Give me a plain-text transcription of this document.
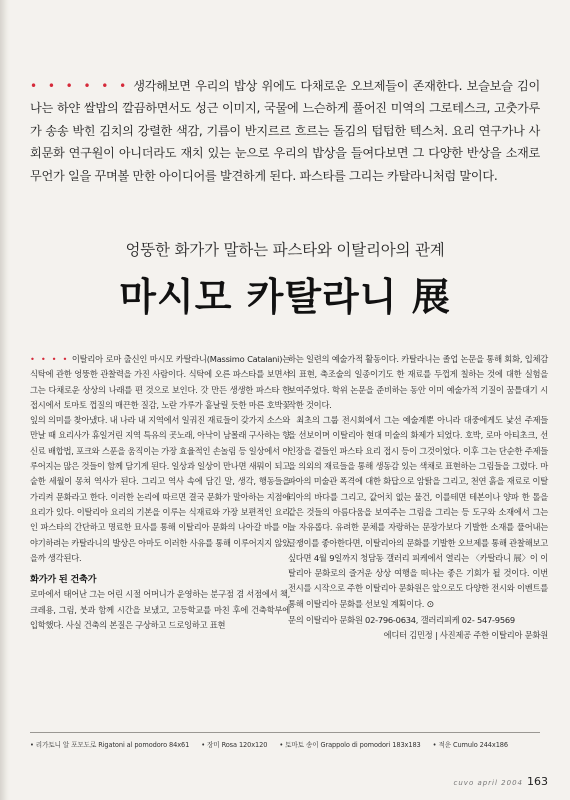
• • • • • • 생각해보면 우리의 밥상 위에도 다채로운 오브제들이 존재한다. 보슬보슬 김이 나는 하얀 쌀밥의 깔끔하면서도 성근 이미지, 국물에 느슨하게 풀어진 미역의 그로테스크, 고춧가루가 송송 박힌 김치의 강렬한 색감, 기름이 반지르르 흐르는 돌김의 텁텁한 텍스처. 요리 연구가나 사회문화 연구원이 아니더라도 재치 있는 눈으로 우리의 밥상을 들여다보면 그 다양한 반상을 소재로 무언가 일을 꾸며볼 만한 아이디어를 발견하게 된다. 파스타를 그리는 카탈라니처럼 말이다.
엉뚱한 화가가 말하는 파스타와 이탈리아의 관계
마시모 카탈라니 展

• • • • 이탈리아 로마 출신인 마시모 카탈라니(Massimo Catalani)는 식탁에 관한 엉뚱한 관찰력을 가진 사람이다. 식탁에 오른 파스타를 보면서 그는 다채로운 상상의 나래를 편 것으로 보인다. 갓 만든 생생한 파스타 한 접시에서 토마토 껍질의 매끈한 질감, 노란 가루가 흩날릴 듯한 마른 호박꽃잎의 의미를 찾아냈다. 내 나라 내 지역에서 일궈진 재료들이 갖가지 소스와 만날 때 요리사가 휴일거린 지역 특유의 곳노래, 아낙이 남몰래 구사하는 향신료 배합법, 포크와 스푼을 움직이는 가장 효율적인 손놀림 등 일상에서 이루어지는 많은 것들이 함께 담기게 된다. 일상과 일상이 만나면 새뭐이 되고 숱한 세월이 몽쳐 역사가 된다. 그리고 역사 속에 담긴 말, 생각, 행동들을 가리켜 문화라고 한다. 이러한 논리에 따르면 결국 문화가 말아하는 지점에 요리가 있다. 이탈리아 요리의 기본을 이루는 식재료와 가장 보편적인 요리인 파스타의 간단하고 명료한 묘사를 통해 이탈리아 문화의 나아갈 바를 이야기하려는 카탈라니의 발상은 아마도 이러한 사유를 통해 이루어지지 않았을까 생각된다.

화가가 된 건축가

로마에서 태어난 그는 어린 시절 어머니가 운영하는 분구점 겸 서점에서 책, 크레용, 그림, 붓과 함께 시간을 보냈고, 고등학교를 마친 후에 건축학부에 입학했다. 사실 건축의 본질은 구상하고 드로잉하고 표현

하는 일련의 예술가적 활동이다. 카탈라니는 졸업 논문을 통해 회화, 입체감의 표현, 축조술의 일종이기도 한 재료를 두껍게 칠하는 것에 대한 실험을 보여주었다. 학위 논문을 준비하는 동안 이미 예술가적 기질이 꿈틀대기 시작한 것이다.

최초의 그룹 전시회에서 그는 예술계뿐 아니라 대중에게도 낯선 주제들을 선보이며 이탈리아 현대 미술의 화제가 되었다. 호박, 로마 아티초크, 선인장을 곁들인 파스타 요리 접시 등이 그것이었다. 이후 그는 단순한 주제들을 의외의 재료들을 통해 생동감 있는 색채로 표현하는 그림들을 그렸다. 마파아의 미술관 폭격에 대한 화답으로 암탉을 그리고, 천연 흙을 재료로 이탈리아의 바다를 그리고, 값어치 없는 물건, 이를테면 테본이나 양파 한 톨을 같은 것들의 아름다움을 보여주는 그림을 그리는 등 도구와 소재에서 그는 늘 자유롭다. 유려한 문체를 자랑하는 문장가보다 기발한 소재를 풀어내는 글쟁이를 좋아한다면, 이탈리아의 문화를 기발한 오브제를 통해 관찰해보고 싶다면 4월 9일까지 청담동 갤러리 피케에서 열리는 〈카탈라니 展〉이 이탈리아 문화로의 즐거운 상상 여행을 떠나는 좋은 기회가 될 것이다. 이번 전시를 시작으로 주한 이탈리아 문화원은 앞으로도 다양한 전시와 이벤트를 통해 이탈리아 문화를 선보일 계획이다. ⊙

문의 이탈리아 문화원 02-796-0634, 갤러리피케 02- 547-9569

에디터 김민정 | 사진제공 주한 이탈리아 문화원

• 리가토니 알 포모도로 Rigatoni al pomodoro 84x61 • 장미 Rosa 120x120 • 토마토 송이 Grappolo di pomodori 183x183 • 적운 Cumulo 244x186
cuvo april 2004 163
